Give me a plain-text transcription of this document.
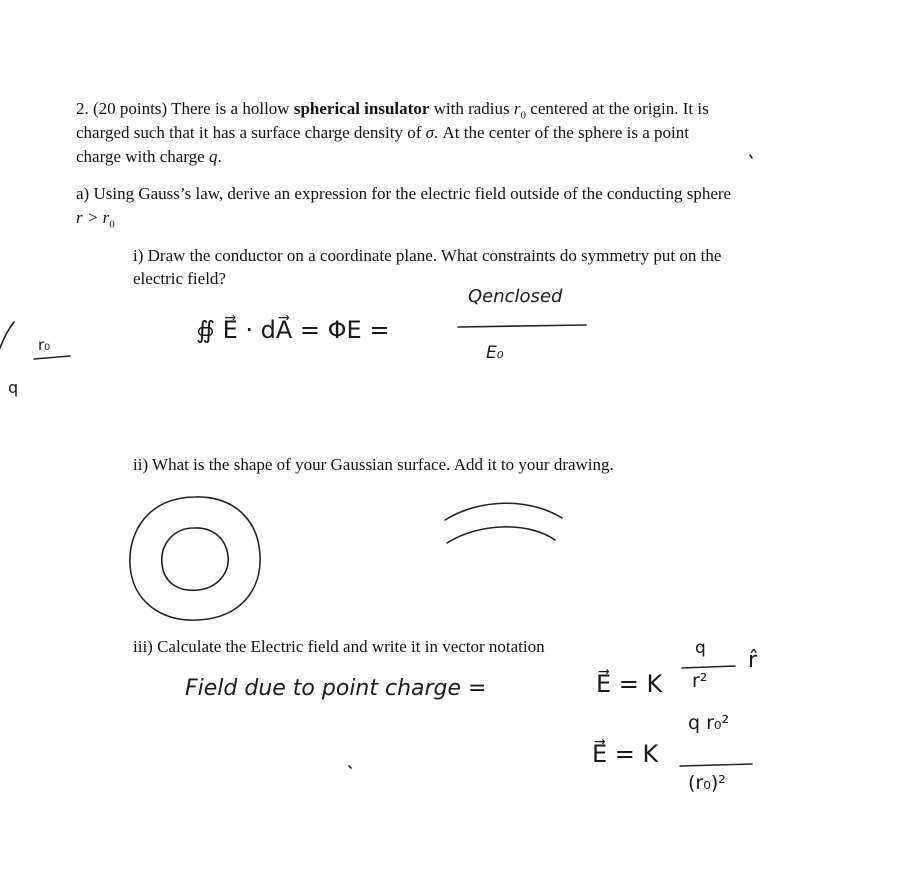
2. (20 points) There is a hollow spherical insulator with radius $r_0$ centered at the origin. It is
charged such that it has a surface charge density of σ. At the center of the sphere is a point
charge with charge q.
a) Using Gauss’s law, derive an expression for the electric field outside of the conducting sphere
$r > r_0$
i) Draw the conductor on a coordinate plane. What constraints do symmetry put on the
electric field?
ii) What is the shape of your Gaussian surface. Add it to your drawing.
iii) Calculate the Electric field and write it in vector notation
r₀
q
∯ E⃗ · dA⃗ = ΦE =
Qenclosed
E₀
Field due to point charge =	E⃗ = K
q
r²
r̂
E⃗ = K
q r₀²
(r₀)²
